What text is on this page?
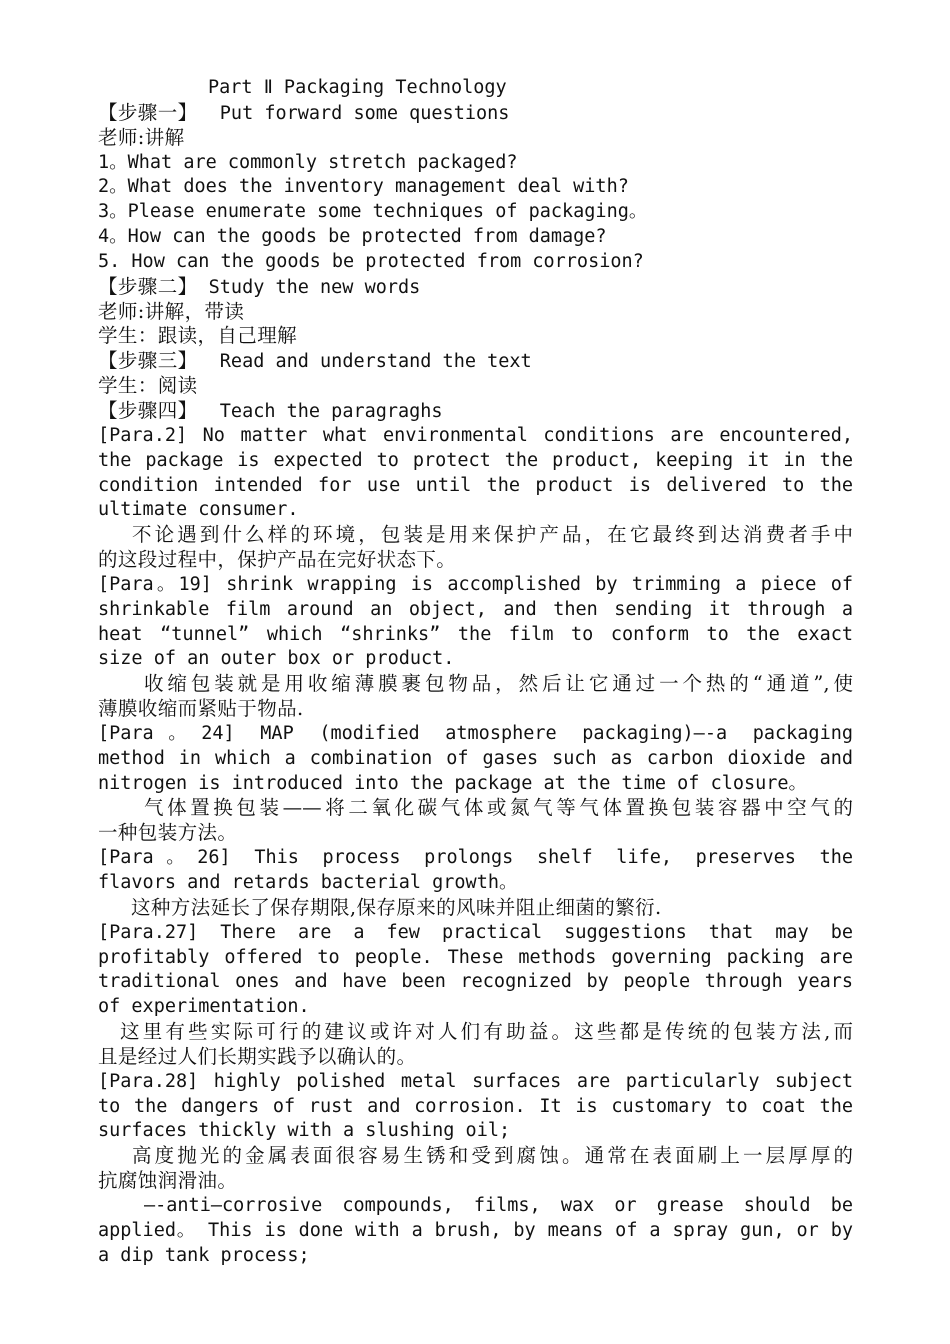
Part Ⅱ Packaging Technology
【步骤一】 Put forward some questions
老师:讲解
1。What are commonly stretch packaged?
2。What does the inventory management deal with?
3。Please enumerate some techniques of packaging。
4。How can the goods be protected from damage?
5. How can the goods be protected from corrosion?
【步骤二】 Study the new words
老师:讲解，带读
学生：跟读，自己理解
【步骤三】 Read and understand the text
学生：阅读
【步骤四】 Teach the paragraghs
[Para.2] No matter what environmental conditions are encountered,
the package is expected to protect the product, keeping it in the
condition intended for use until the product is delivered to the
ultimate consumer.
不论遇到什么样的环境，包装是用来保护产品，在它最终到达消费者手中
的这段过程中，保护产品在完好状态下。
[Para。19] shrink wrapping is accomplished by trimming a piece of
shrinkable film around an object, and then sending it through a
heat “tunnel” which “shrinks” the film to conform to the exact
size of an outer box or product.
收缩包装就是用收缩薄膜裹包物品，然后让它通过一个热的“通道”,使
薄膜收缩而紧贴于物品.
[Para。24] MAP (modified atmosphere packaging)—-a packaging
method in which a combination of gases such as carbon dioxide and
nitrogen is introduced into the package at the time of closure。
气体置换包装——将二氧化碳气体或氮气等气体置换包装容器中空气的
一种包装方法。
[Para。26] This process prolongs shelf life, preserves the
flavors and retards bacterial growth。
这种方法延长了保存期限,保存原来的风味并阻止细菌的繁衍.
[Para.27] There are a few practical suggestions that may be
profitably offered to people. These methods governing packing are
traditional ones and have been recognized by people through years
of experimentation.
这里有些实际可行的建议或许对人们有助益。这些都是传统的包装方法,而
且是经过人们长期实践予以确认的。
[Para.28] highly polished metal surfaces are particularly subject
to the dangers of rust and corrosion. It is customary to coat the
surfaces thickly with a slushing oil;
高度抛光的金属表面很容易生锈和受到腐蚀。通常在表面刷上一层厚厚的
抗腐蚀润滑油。
—-anti—corrosive compounds, films, wax or grease should be
applied。 This is done with a brush, by means of a spray gun, or by
a dip tank process;
